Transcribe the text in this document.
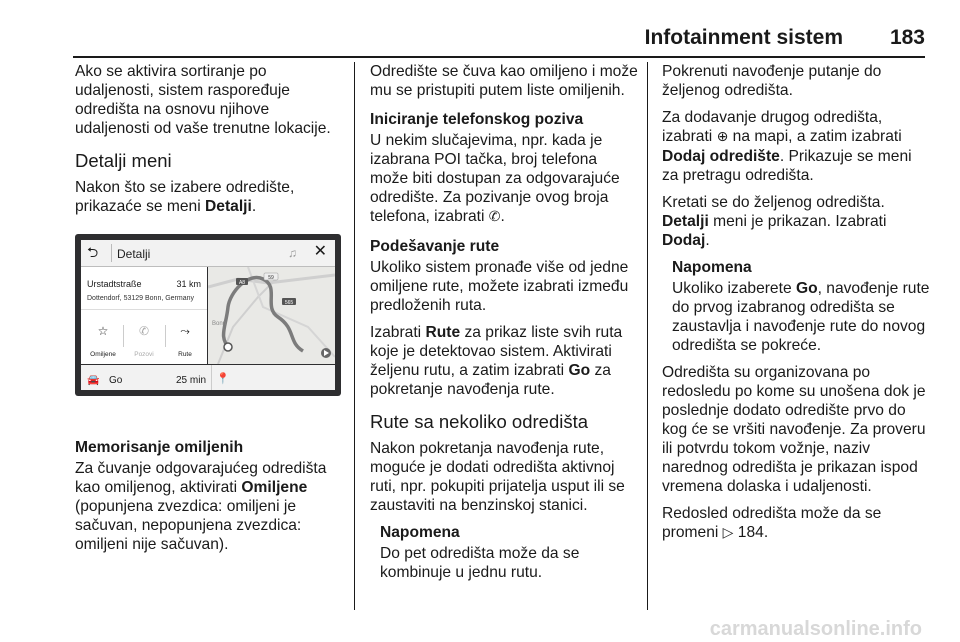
Infotainment sistem 183

Ako se aktivira sortiranje po udaljenosti, sistem raspoređuje odredišta na osnovu njihove udaljenosti od vaše trenutne lokacije.

Detalji meni

Nakon što se izabere odredište, prikazaće se meni Detalji.

⮌ Detalji	♫ ✕
Urstadtstraße	31 km
Dottendorf, 53129 Bonn, Germany
☆
Omiljene
✆
Pozovi
⤳
Rute
A8
59
565
Bonn
🚘 Go	25 min 📍
Memorisanje omiljenih

Za čuvanje odgovarajućeg odredišta kao omiljenog, aktivirati Omiljene (popunjena zvezdica: omiljeni je sačuvan, nepopunjena zvezdica: omiljeni nije sačuvan).

Odredište se čuva kao omiljeno i može mu se pristupiti putem liste omiljenih.

Iniciranje telefonskog poziva

U nekim slučajevima, npr. kada je izabrana POI tačka, broj telefona može biti dostupan za odgovarajuće odredište. Za pozivanje ovog broja telefona, izabrati ✆.

Podešavanje rute

Ukoliko sistem pronađe više od jedne omiljene rute, možete izabrati između predloženih ruta.

Izabrati Rute za prikaz liste svih ruta koje je detektovao sistem. Aktivirati željenu rutu, a zatim izabrati Go za pokretanje navođenja rute.

Rute sa nekoliko odredišta

Nakon pokretanja navođenja rute, moguće je dodati odredišta aktivnoj ruti, npr. pokupiti prijatelja usput ili se zaustaviti na benzinskoj stanici.

Napomena

Do pet odredišta može da se kombinuje u jednu rutu.

Pokrenuti navođenje putanje do željenog odredišta.

Za dodavanje drugog odredišta, izabrati ⊕ na mapi, a zatim izabrati Dodaj odredište. Prikazuje se meni za pretragu odredišta.

Kretati se do željenog odredišta. Detalji meni je prikazan. Izabrati Dodaj.

Napomena

Ukoliko izaberete Go, navođenje rute do prvog izabranog odredišta se zaustavlja i navođenje rute do novog odredišta se pokreće.

Odredišta su organizovana po redosledu po kome su unošena dok je poslednje dodato odredište prvo do kog će se vršiti navođenje. Za proveru ili potvrdu tokom vožnje, naziv narednog odredišta je prikazan ispod vremena dolaska i udaljenosti.

Redosled odredišta može da se promeni ▷ 184.

carmanualsonline.info
